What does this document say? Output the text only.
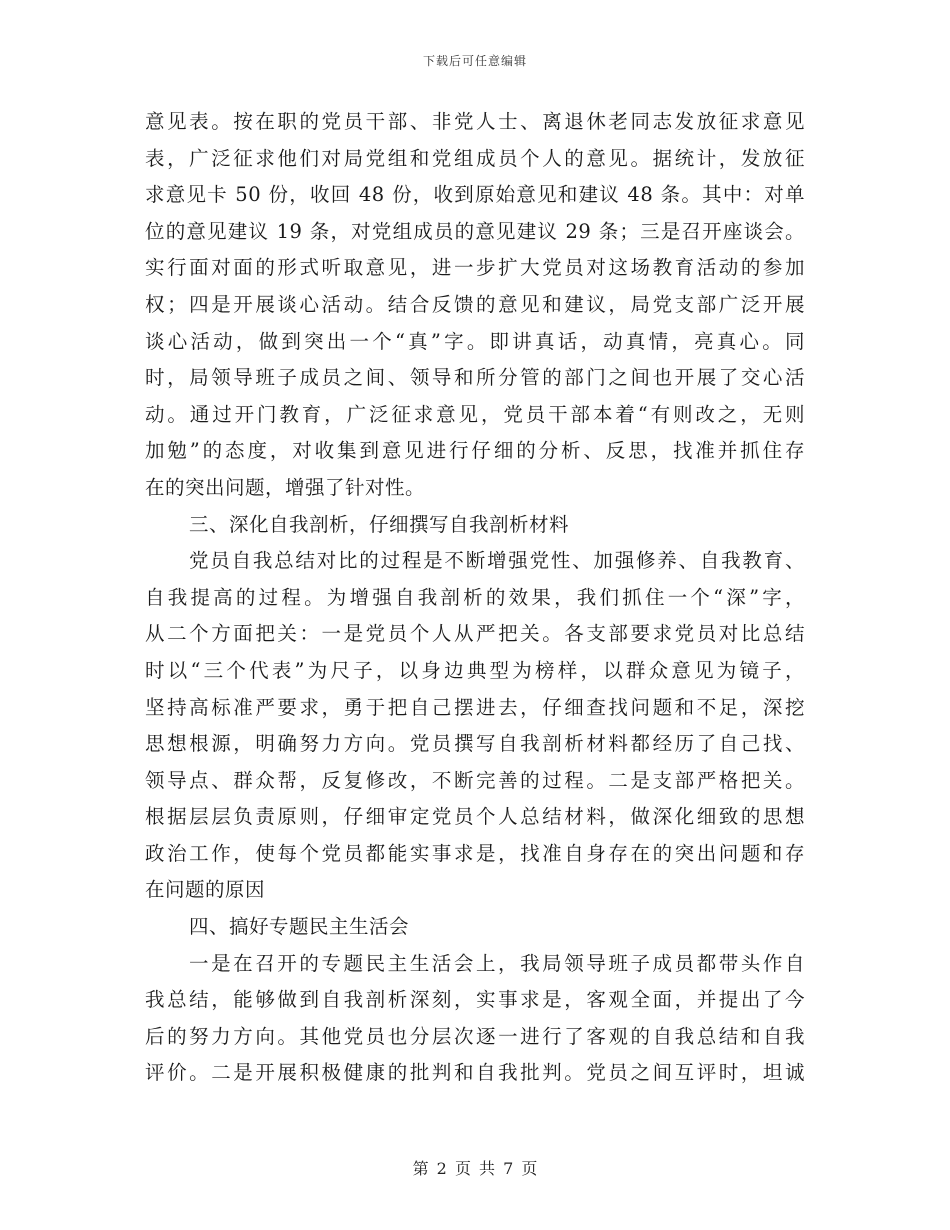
下载后可任意编辑
意见表。按在职的党员干部、非党人士、离退休老同志发放征求意见
表，广泛征求他们对局党组和党组成员个人的意见。据统计，发放征
求意见卡 50 份，收回 48 份，收到原始意见和建议 48 条。其中：对单
位的意见建议 19 条，对党组成员的意见建议 29 条；三是召开座谈会。
实行面对面的形式听取意见，进一步扩大党员对这场教育活动的参加
权；四是开展谈心活动。结合反馈的意见和建议，局党支部广泛开展
谈心活动，做到突出一个“真”字。即讲真话，动真情，亮真心。同
时，局领导班子成员之间、领导和所分管的部门之间也开展了交心活
动。通过开门教育，广泛征求意见，党员干部本着“有则改之，无则
加勉”的态度，对收集到意见进行仔细的分析、反思，找准并抓住存
在的突出问题，增强了针对性。
三、深化自我剖析，仔细撰写自我剖析材料
党员自我总结对比的过程是不断增强党性、加强修养、自我教育、
自我提高的过程。为增强自我剖析的效果，我们抓住一个“深”字，
从二个方面把关：一是党员个人从严把关。各支部要求党员对比总结
时以“三个代表”为尺子，以身边典型为榜样，以群众意见为镜子，
坚持高标准严要求，勇于把自己摆进去，仔细查找问题和不足，深挖
思想根源，明确努力方向。党员撰写自我剖析材料都经历了自己找、
领导点、群众帮，反复修改，不断完善的过程。二是支部严格把关。
根据层层负责原则，仔细审定党员个人总结材料，做深化细致的思想
政治工作，使每个党员都能实事求是，找准自身存在的突出问题和存
在问题的原因
四、搞好专题民主生活会
一是在召开的专题民主生活会上，我局领导班子成员都带头作自
我总结，能够做到自我剖析深刻，实事求是，客观全面，并提出了今
后的努力方向。其他党员也分层次逐一进行了客观的自我总结和自我
评价。二是开展积极健康的批判和自我批判。党员之间互评时，坦诚
第 2 页 共 7 页
